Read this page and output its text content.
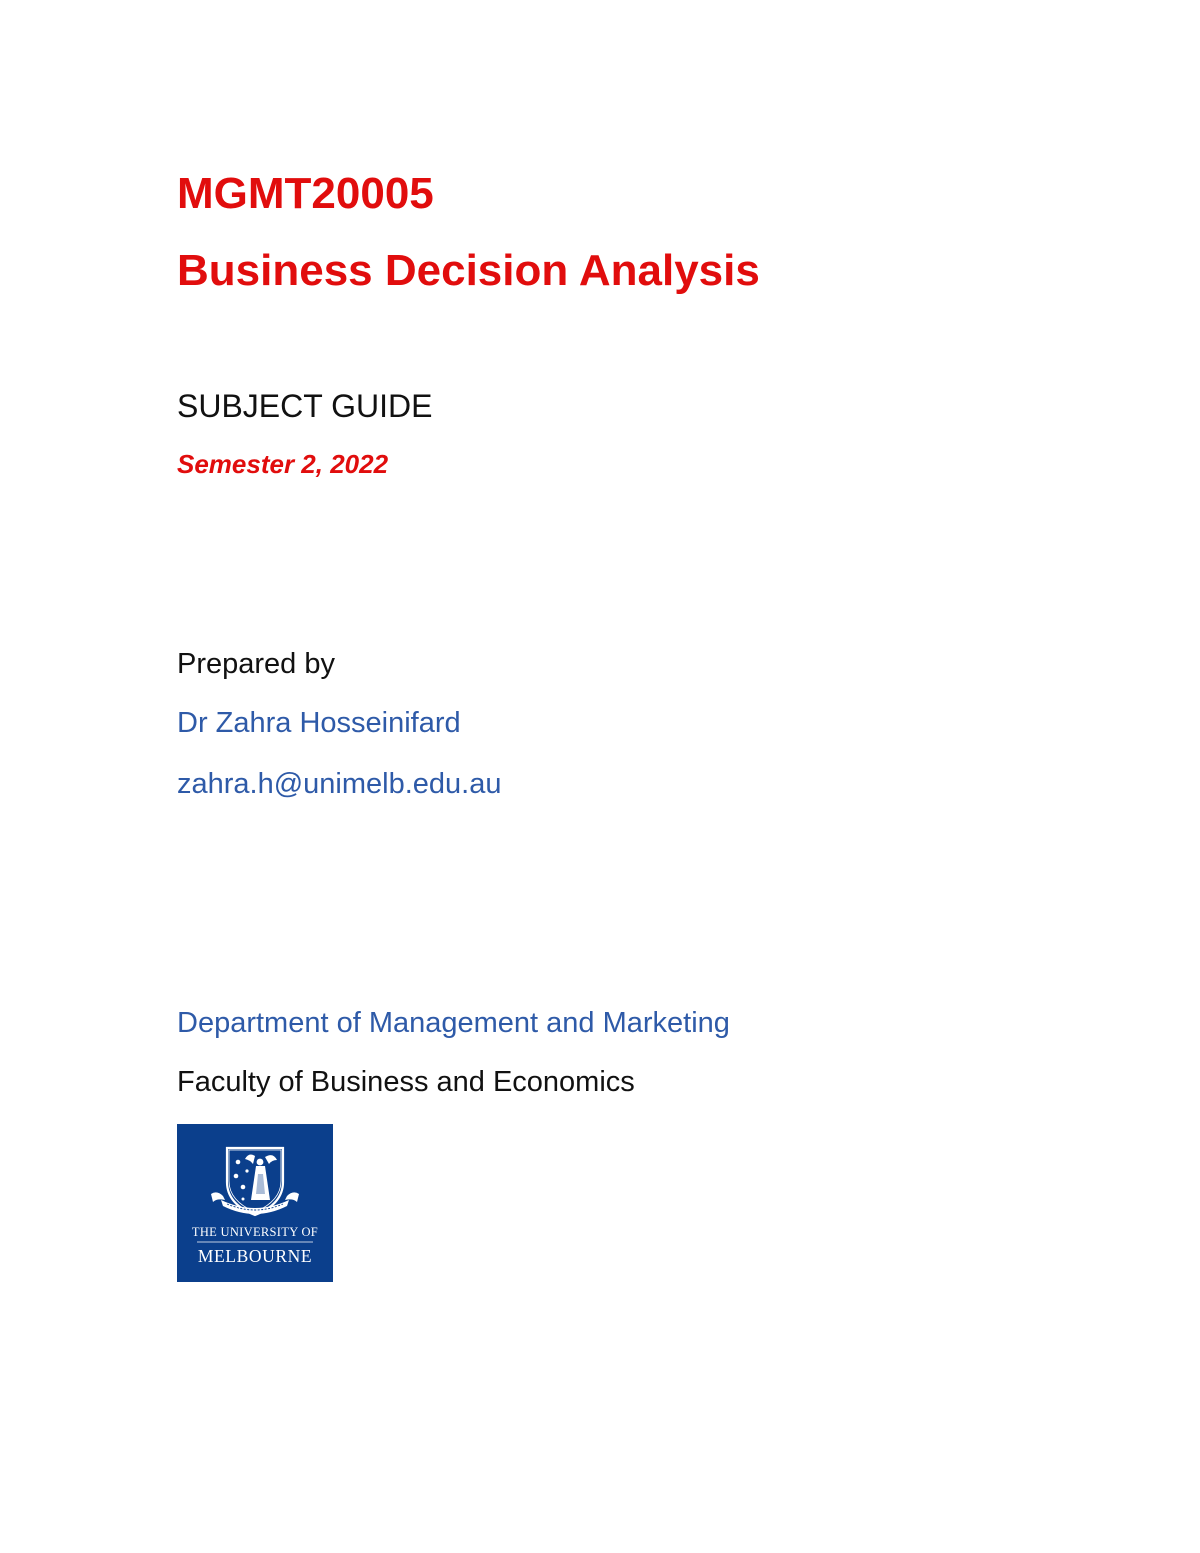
MGMT20005
Business Decision Analysis
SUBJECT GUIDE
Semester 2, 2022
Prepared by
Dr Zahra Hosseinifard
zahra.h@unimelb.edu.au
Department of Management and Marketing
Faculty of Business and Economics
THE UNIVERSITY OF
MELBOURNE
